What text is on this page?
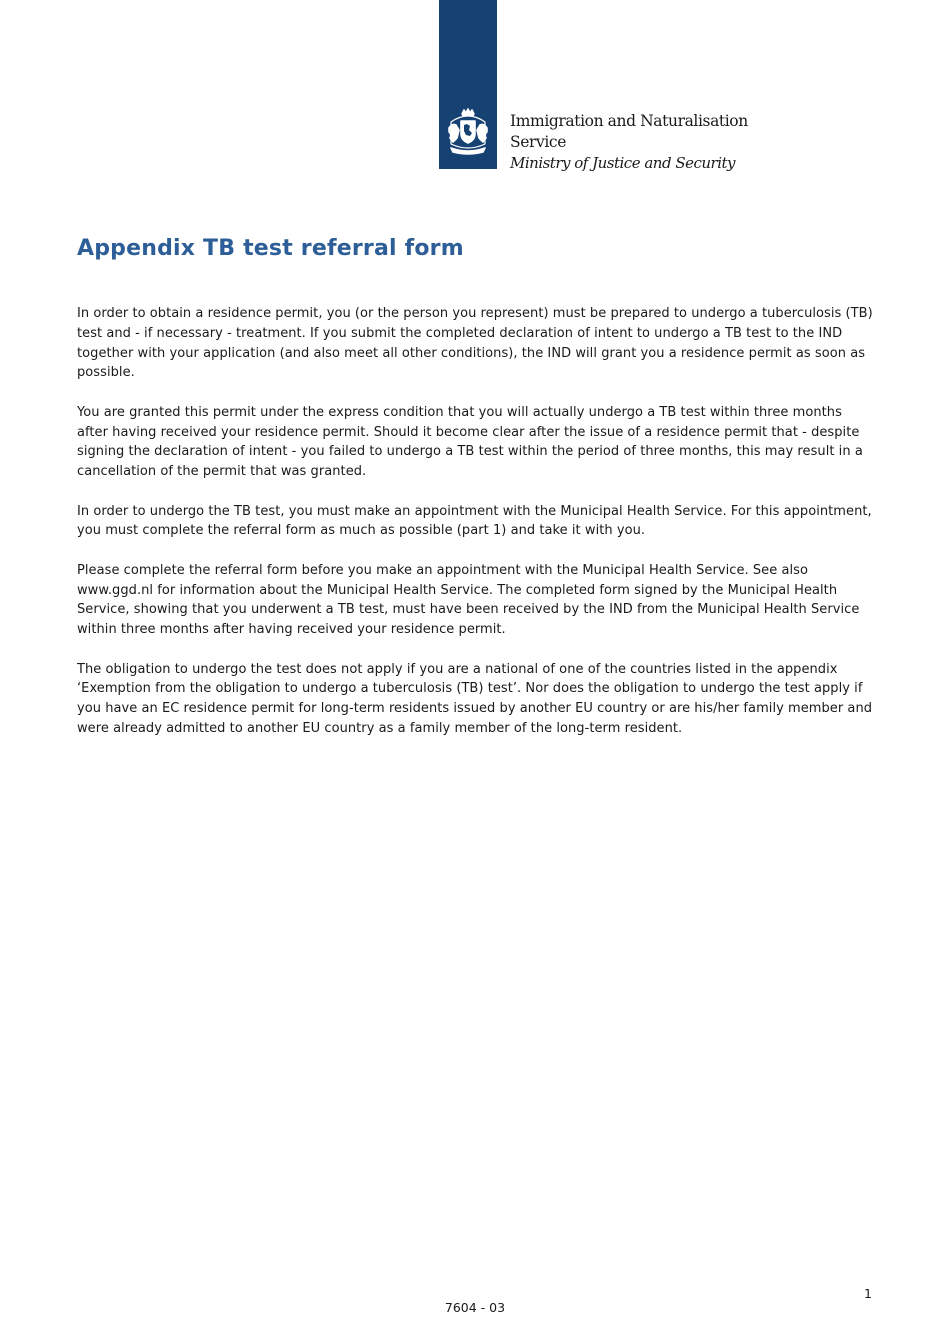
Immigration and Naturalisation
Service
Ministry of Justice and Security
Appendix TB test referral form

In order to obtain a residence permit, you (or the person you represent) must be prepared to undergo a tuberculosis (TB) test and - if necessary - treatment. If you submit the completed declaration of intent to undergo a TB test to the IND together with your application (and also meet all other conditions), the IND will grant you a residence permit as soon as possible.

You are granted this permit under the express condition that you will actually undergo a TB test within three months after having received your residence permit. Should it become clear after the issue of a residence permit that - despite signing the declaration of intent - you failed to undergo a TB test within the period of three months, this may result in a cancellation of the permit that was granted.

In order to undergo the TB test, you must make an appointment with the Municipal Health Service. For this appointment, you must complete the referral form as much as possible (part 1) and take it with you.

Please complete the referral form before you make an appointment with the Municipal Health Service. See also www.ggd.nl for information about the Municipal Health Service. The completed form signed by the Municipal Health Service, showing that you underwent a TB test, must have been received by the IND from the Municipal Health Service within three months after having received your residence permit.

The obligation to undergo the test does not apply if you are a national of one of the countries listed in the appendix ‘Exemption from the obligation to undergo a tuberculosis (TB) test’. Nor does the obligation to undergo the test apply if you have an EC residence permit for long-term residents issued by another EU country or are his/her family member and were already admitted to another EU country as a family member of the long-term resident.

1
7604 - 03
